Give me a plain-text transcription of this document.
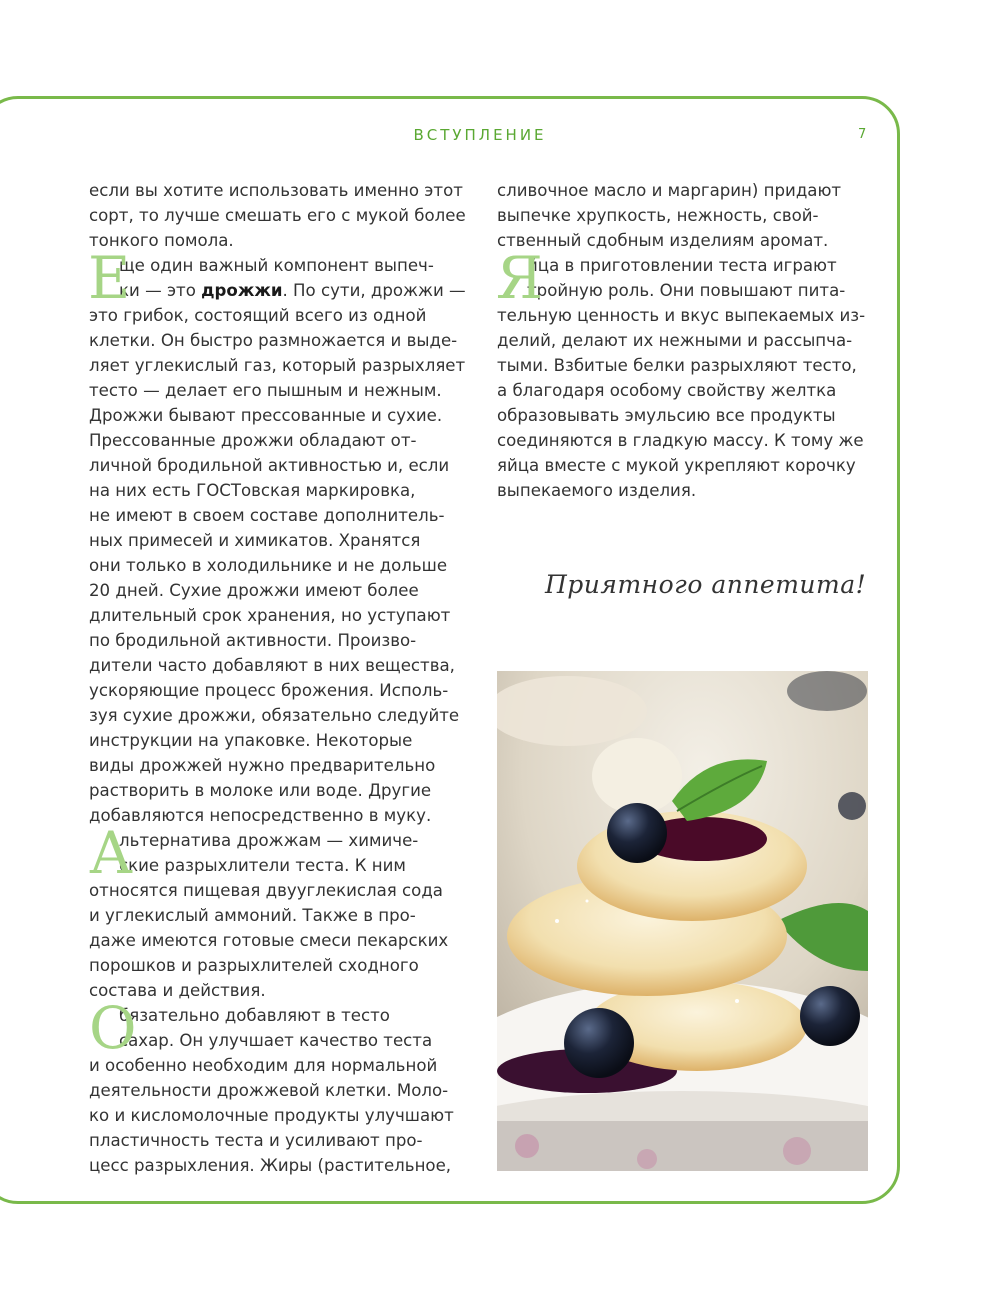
ВСТУПЛЕНИЕ	7
если вы хотите использовать именно этот
сорт, то лучше смешать его с мукой более
тонкого помола.
ще один важный компонент выпеч-
ки — это дрожжи. По сути, дрожжи —
это грибок, состоящий всего из одной
клетки. Он быстро размножается и выде-
ляет углекислый газ, который разрыхляет
тесто — делает его пышным и нежным.
Дрожжи бывают прессованные и сухие.
Прессованные дрожжи обладают от-
личной бродильной активностью и, если
на них есть ГОСТовская маркировка,
не имеют в своем составе дополнитель-
ных примесей и химикатов. Хранятся
они только в холодильнике и не дольше
20 дней. Сухие дрожжи имеют более
длительный срок хранения, но уступают
по бродильной активности. Произво-
дители часто добавляют в них вещества,
ускоряющие процесс брожения. Исполь-
зуя сухие дрожжи, обязательно следуйте
инструкции на упаковке. Некоторые
виды дрожжей нужно предварительно
растворить в молоке или воде. Другие
добавляются непосредственно в муку.
льтернатива дрожжам — химиче-
ские разрыхлители теста. К ним
относятся пищевая двууглекислая сода
и углекислый аммоний. Также в про-
даже имеются готовые смеси пекарских
порошков и разрыхлителей сходного
состава и действия.
бязательно добавляют в тесто
сахар. Он улучшает качество теста
и особенно необходим для нормальной
деятельности дрожжевой клетки. Моло-
ко и кисломолочные продукты улучшают
пластичность теста и усиливают про-
цесс разрыхления. Жиры (растительное,
Е
А
О
сливочное масло и маргарин) придают
выпечке хрупкость, нежность, свой-
ственный сдобным изделиям аромат.
йца в приготовлении теста играют
тройную роль. Они повышают пита-
тельную ценность и вкус выпекаемых из-
делий, делают их нежными и рассыпча-
тыми. Взбитые белки разрыхляют тесто,
а благодаря особому свойству желтка
образовывать эмульсию все продукты
соединяются в гладкую массу. К тому же
яйца вместе с мукой укрепляют корочку
выпекаемого изделия.
Я
Приятного аппетита!
